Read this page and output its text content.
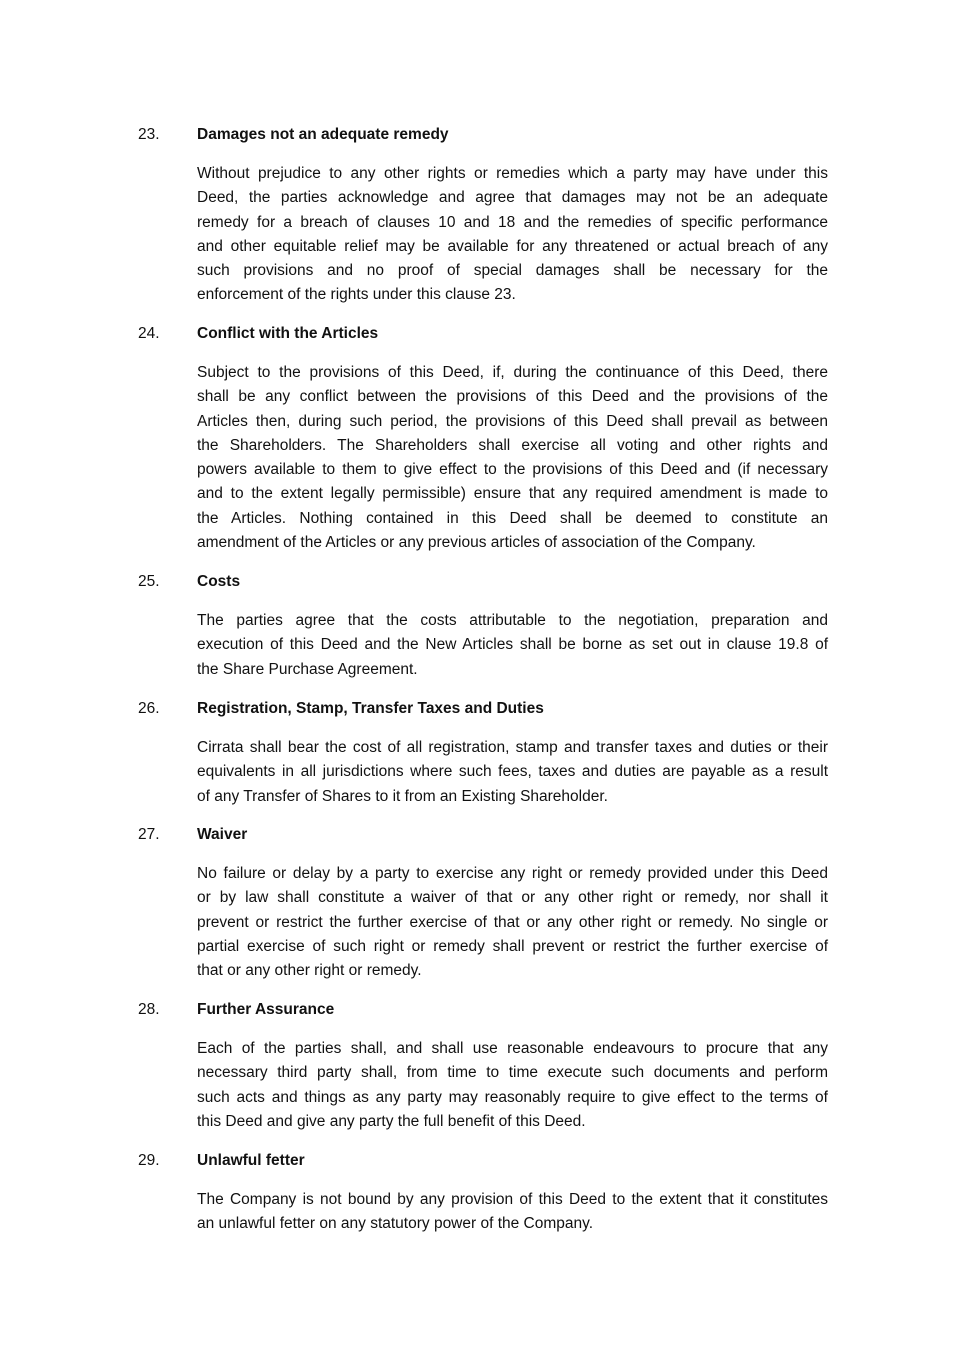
23. Damages not an adequate remedy
Without prejudice to any other rights or remedies which a party may have under this
Deed, the parties acknowledge and agree that damages may not be an adequate
remedy for a breach of clauses 10 and 18 and the remedies of specific performance
and other equitable relief may be available for any threatened or actual breach of any
such provisions and no proof of special damages shall be necessary for the
enforcement of the rights under this clause 23.
24. Conflict with the Articles
Subject to the provisions of this Deed, if, during the continuance of this Deed, there
shall be any conflict between the provisions of this Deed and the provisions of the
Articles then, during such period, the provisions of this Deed shall prevail as between
the Shareholders. The Shareholders shall exercise all voting and other rights and
powers available to them to give effect to the provisions of this Deed and (if necessary
and to the extent legally permissible) ensure that any required amendment is made to
the Articles. Nothing contained in this Deed shall be deemed to constitute an
amendment of the Articles or any previous articles of association of the Company.
25. Costs
The parties agree that the costs attributable to the negotiation, preparation and
execution of this Deed and the New Articles shall be borne as set out in clause 19.8 of
the Share Purchase Agreement.
26. Registration, Stamp, Transfer Taxes and Duties
Cirrata shall bear the cost of all registration, stamp and transfer taxes and duties or their
equivalents in all jurisdictions where such fees, taxes and duties are payable as a result
of any Transfer of Shares to it from an Existing Shareholder.
27. Waiver
No failure or delay by a party to exercise any right or remedy provided under this Deed
or by law shall constitute a waiver of that or any other right or remedy, nor shall it
prevent or restrict the further exercise of that or any other right or remedy. No single or
partial exercise of such right or remedy shall prevent or restrict the further exercise of
that or any other right or remedy.
28. Further Assurance
Each of the parties shall, and shall use reasonable endeavours to procure that any
necessary third party shall, from time to time execute such documents and perform
such acts and things as any party may reasonably require to give effect to the terms of
this Deed and give any party the full benefit of this Deed.
29. Unlawful fetter
The Company is not bound by any provision of this Deed to the extent that it constitutes
an unlawful fetter on any statutory power of the Company.
